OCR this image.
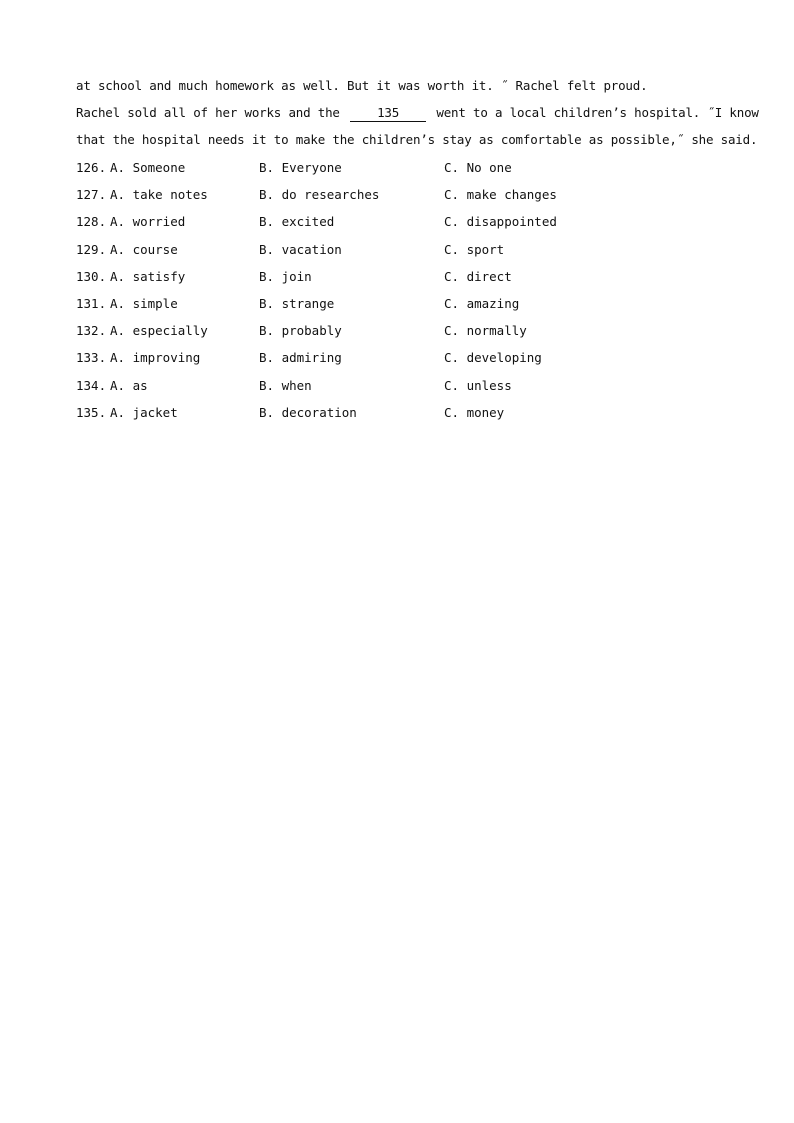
at school and much homework as well. But it was worth it. ˝ Rachel felt proud.
Rachel sold all of her works and the	135	went to a local children’s hospital. ˝I know
that the hospital needs it to make the children’s stay as comfortable as possible,˝ she said.
126. A. Someone	B. Everyone	C. No one
127. A. take notes	B. do researches	C. make changes
128. A. worried	B. excited	C. disappointed
129. A. course	B. vacation	C. sport
130. A. satisfy	B. join	C. direct
131. A. simple	B. strange	C. amazing
132. A. especially	B. probably	C. normally
133. A. improving	B. admiring	C. developing
134. A. as	B. when	C. unless
135. A. jacket	B. decoration	C. money
